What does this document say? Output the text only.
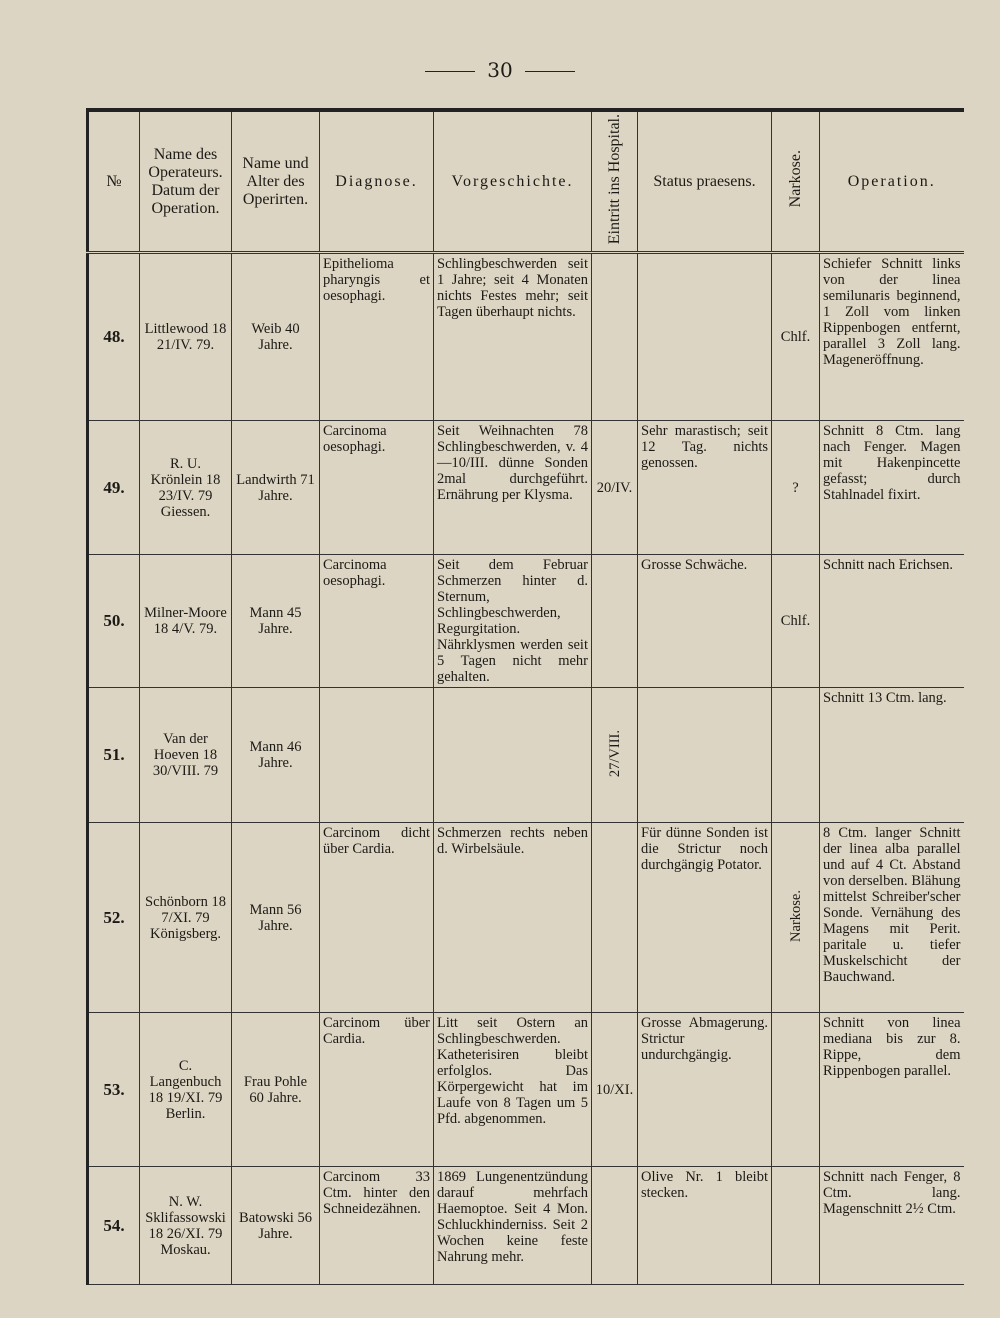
30
№	Name des Operateurs. Datum der Operation.	Name und Alter des Operirten.	Diagnose.	Vorgeschichte.	Eintritt ins Hospital.	Status praesens.	Narkose.	Operation.
48.	Littlewood 18 21/IV. 79.	Weib 40 Jahre.	Epithelioma pharyngis et oesophagi.	Schlingbeschwerden seit 1 Jahre; seit 4 Monaten nichts Festes mehr; seit Tagen überhaupt nichts.			Chlf.	Schiefer Schnitt links von der linea semilunaris beginnend, 1 Zoll vom linken Rippenbogen entfernt, parallel 3 Zoll lang. Mageneröffnung.
49.	R. U. Krönlein 18 23/IV. 79 Giessen.	Landwirth 71 Jahre.	Carcinoma oesophagi.	Seit Weihnachten 78 Schlingbeschwerden, v. 4—10/III. dünne Sonden 2mal durchgeführt. Ernährung per Klysma.	20/IV.	Sehr marastisch; seit 12 Tag. nichts genossen.	?	Schnitt 8 Ctm. lang nach Fenger. Magen mit Hakenpincette gefasst; durch Stahlnadel fixirt.
50.	Milner-Moore 18 4/V. 79.	Mann 45 Jahre.	Carcinoma oesophagi.	Seit dem Februar Schmerzen hinter d. Sternum, Schlingbeschwerden, Regurgitation. Nährklysmen werden seit 5 Tagen nicht mehr gehalten.		Grosse Schwäche.	Chlf.	Schnitt nach Erichsen.
51.	Van der Hoeven 18 30/VIII. 79	Mann 46 Jahre.			27/VIII.			Schnitt 13 Ctm. lang.
52.	Schönborn 18 7/XI. 79 Königsberg.	Mann 56 Jahre.	Carcinom dicht über Cardia.	Schmerzen rechts neben d. Wirbelsäule.		Für dünne Sonden ist die Strictur noch durchgängig Potator.	Narkose.	8 Ctm. langer Schnitt der linea alba parallel und auf 4 Ct. Abstand von derselben. Blähung mittelst Schreiber'scher Sonde. Vernähung des Magens mit Perit. paritale u. tiefer Muskelschicht der Bauchwand.
53.	C. Langenbuch 18 19/XI. 79 Berlin.	Frau Pohle 60 Jahre.	Carcinom über Cardia.	Litt seit Ostern an Schlingbeschwerden. Katheterisiren bleibt erfolglos. Das Körpergewicht hat im Laufe von 8 Tagen um 5 Pfd. abgenommen.	10/XI.	Grosse Abmagerung. Strictur undurchgängig.		Schnitt von linea mediana bis zur 8. Rippe, dem Rippenbogen parallel.
54.	N. W. Sklifassowski 18 26/XI. 79 Moskau.	Batowski 56 Jahre.	Carcinom 33 Ctm. hinter den Schneidezähnen.	1869 Lungenentzündung darauf mehrfach Haemoptoe. Seit 4 Mon. Schluckhinderniss. Seit 2 Wochen keine feste Nahrung mehr.		Olive Nr. 1 bleibt stecken.		Schnitt nach Fenger, 8 Ctm. lang. Magenschnitt 2½ Ctm.
